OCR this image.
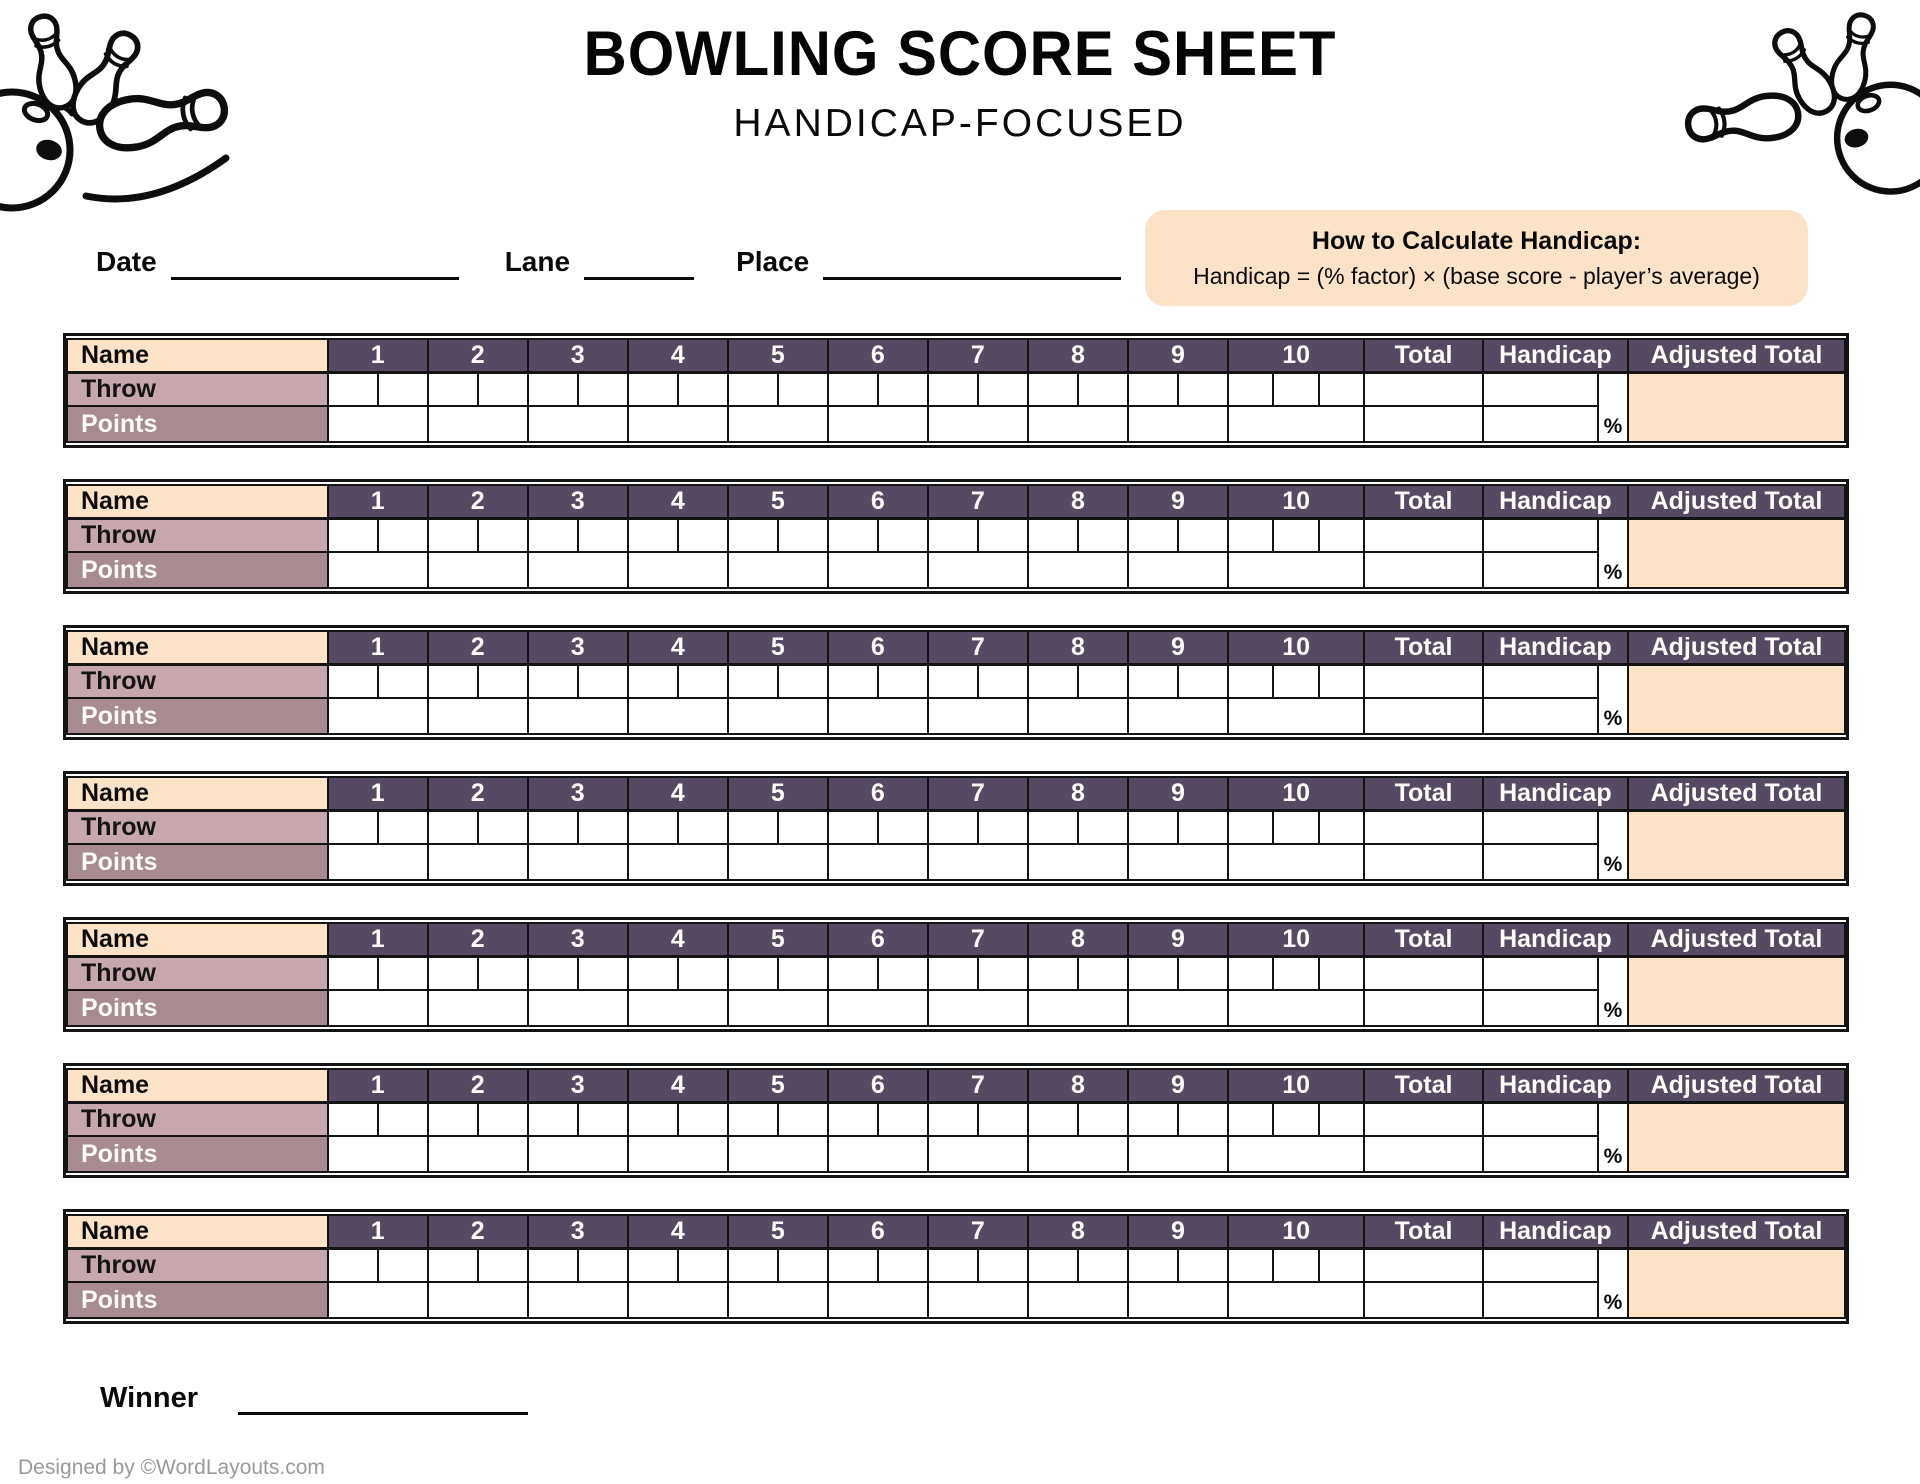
BOWLING SCORE SHEET
HANDICAP-FOCUSED
Date	Lane	Place
How to Calculate Handicap:
Handicap = (% factor) × (base score - player’s average)
Name	1		2		3		4		5		6		7		8		9		10			Total	Handicap		Adjusted Total
Throw																								%	
Points																									
Name	1		2		3		4		5		6		7		8		9		10			Total	Handicap		Adjusted Total
Throw																								%	
Points																									
Name	1		2		3		4		5		6		7		8		9		10			Total	Handicap		Adjusted Total
Throw																								%	
Points																									
Name	1		2		3		4		5		6		7		8		9		10			Total	Handicap		Adjusted Total
Throw																								%	
Points																									
Name	1		2		3		4		5		6		7		8		9		10			Total	Handicap		Adjusted Total
Throw																								%	
Points																									
Name	1		2		3		4		5		6		7		8		9		10			Total	Handicap		Adjusted Total
Throw																								%	
Points																									
Name	1		2		3		4		5		6		7		8		9		10			Total	Handicap		Adjusted Total
Throw																								%	
Points																									
Winner
Designed by ©WordLayouts.com
